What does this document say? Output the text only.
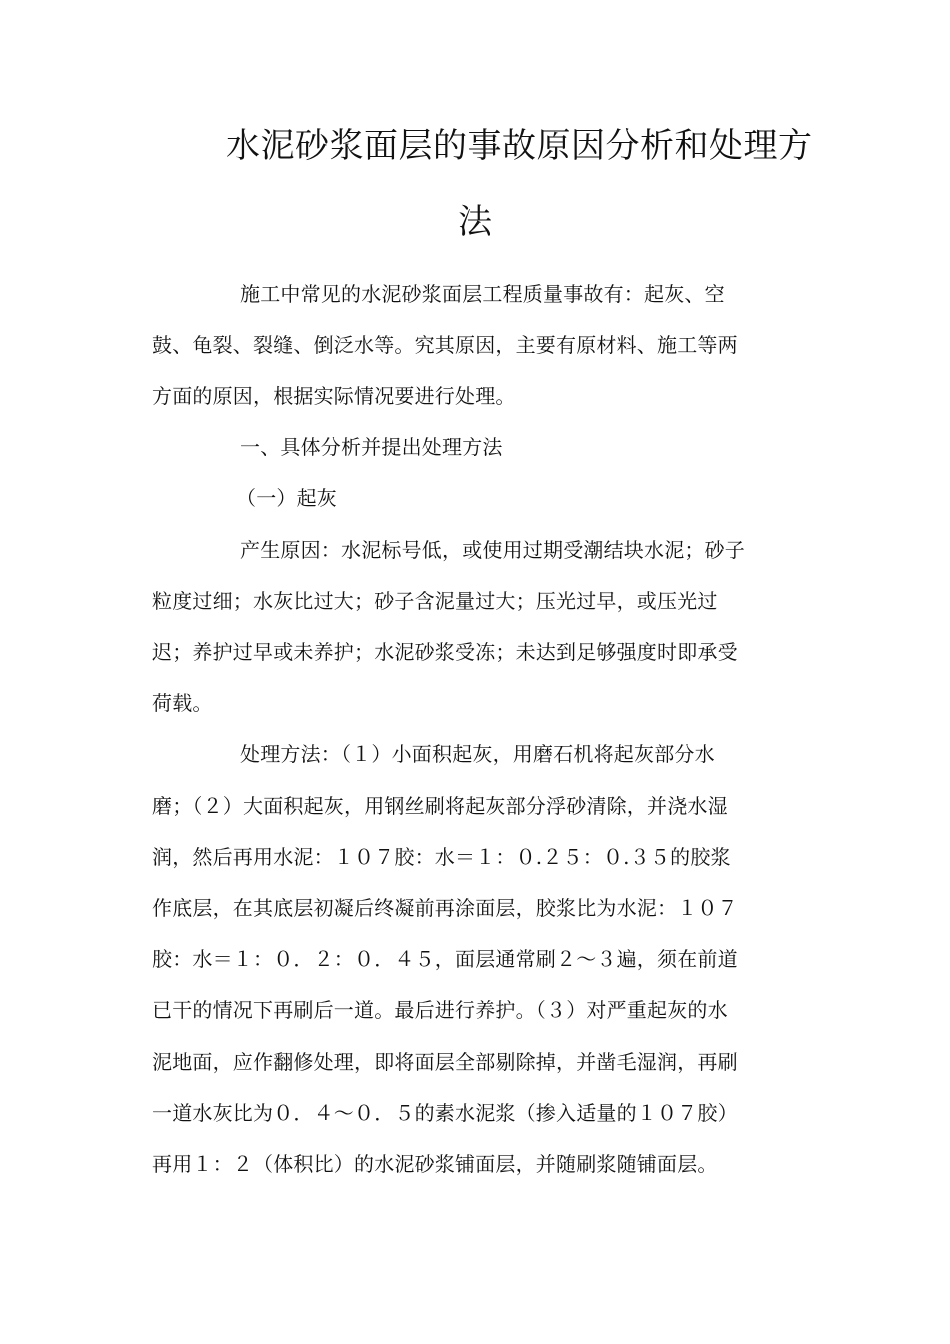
水泥砂浆面层的事故原因分析和处理方
法
施工中常见的水泥砂浆面层工程质量事故有：起灰、空
鼓、龟裂、裂缝、倒泛水等。究其原因，主要有原材料、施工等两
方面的原因，根据实际情况要进行处理。
一、具体分析并提出处理方法
（一）起灰
产生原因：水泥标号低，或使用过期受潮结块水泥；砂子
粒度过细；水灰比过大；砂子含泥量过大；压光过早，或压光过
迟；养护过早或未养护；水泥砂浆受冻；未达到足够强度时即承受
荷载。
处理方法：（１）小面积起灰，用磨石机将起灰部分水
磨；（２）大面积起灰，用钢丝刷将起灰部分浮砂清除，并浇水湿
润，然后再用水泥：１０７胶：水＝１：０.２５：０.３５的胶浆
作底层，在其底层初凝后终凝前再涂面层，胶浆比为水泥：１０７
胶：水＝１：０．２：０．４５，面层通常刷２～３遍，须在前道
已干的情况下再刷后一道。最后进行养护。（３）对严重起灰的水
泥地面，应作翻修处理，即将面层全部剔除掉，并凿毛湿润，再刷
一道水灰比为０．４～０．５的素水泥浆（掺入适量的１０７胶）
再用１：２（体积比）的水泥砂浆铺面层，并随刷浆随铺面层。
